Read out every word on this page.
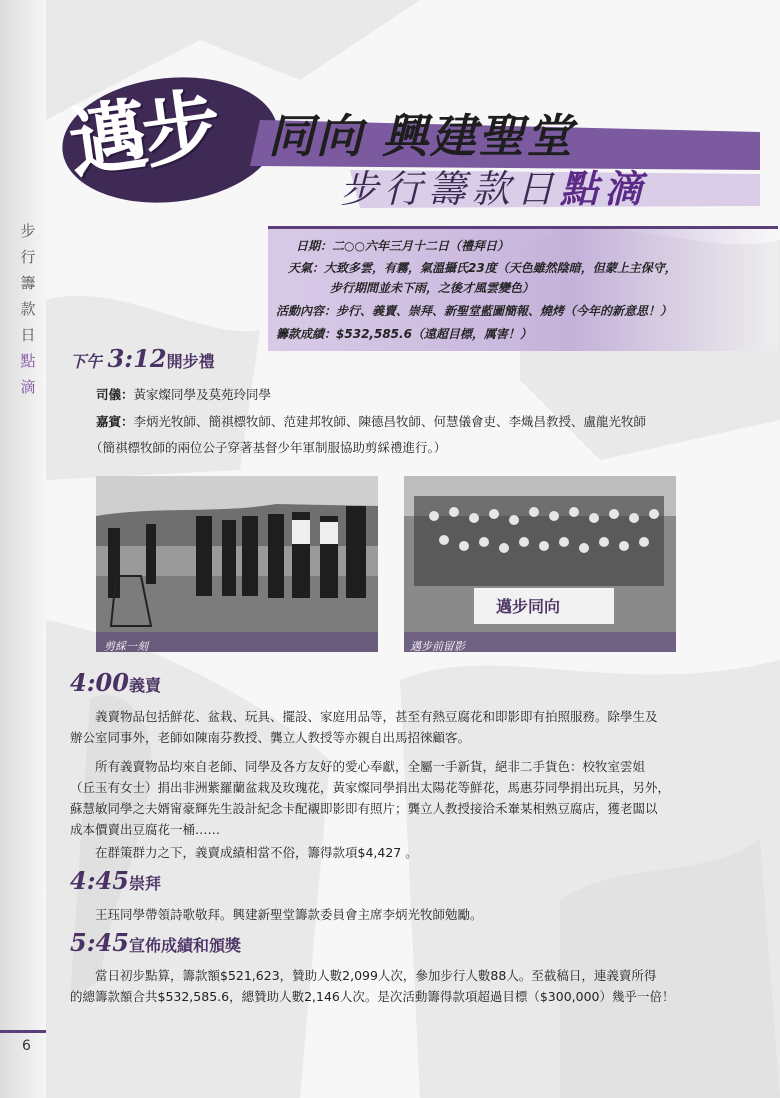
步
行
籌
款
日
點
滴
6
邁步 同向 興建聖堂
步行籌款日點滴
日期：二○○六年三月十二日（禮拜日）
天氣：大致多雲，有霧，氣溫攝氏23度（天色雖然陰暗，但蒙上主保守，
步行期間並未下雨，之後才風雲變色）
活動內容：步行、義賣、崇拜、新聖堂藍圖簡報、燒烤（今年的新意思！）
籌款成績：$532,585.6（遠超目標，厲害！）
下午 3:12開步禮

司儀：黃家燦同學及莫苑玲同學

嘉賓：李炳光牧師、簡祺標牧師、范建邦牧師、陳德昌牧師、何慧儀會吏、李熾昌教授、盧龍光牧師

（簡祺標牧師的兩位公子穿著基督少年軍制服協助剪綵禮進行。）
剪綵一刻
邁步同向
邁步前留影
4:00義賣

義賣物品包括鮮花、盆栽、玩具、擺設、家庭用品等，甚至有熱豆腐花和即影即有拍照服務。除學生及

辦公室同事外，老師如陳南芬教授、龔立人教授等亦親自出馬招徠顧客。

所有義賣物品均來自老師、同學及各方友好的愛心奉獻，全屬一手新貨，絕非二手貨色：校牧室雲姐

（丘玉有女士）捐出非洲紫羅蘭盆栽及玫瑰花，黃家燦同學捐出太陽花等鮮花，馬惠芬同學捐出玩具，另外，

蘇慧敏同學之夫婿甯豪輝先生設計紀念卡配襯即影即有照片；龔立人教授接洽禾輋某相熟豆腐店，獲老闆以

成本價賣出豆腐花一桶……

在群策群力之下，義賣成績相當不俗，籌得款項$4,427 。

4:45崇拜

王珏同學帶領詩歌敬拜。興建新聖堂籌款委員會主席李炳光牧師勉勵。

5:45宣佈成績和頒獎

當日初步點算，籌款額$521,623，贊助人數2,099人次，參加步行人數88人。至截稿日，連義賣所得

的總籌款額合共$532,585.6，總贊助人數2,146人次。是次活動籌得款項超過目標（$300,000）幾乎一倍！
